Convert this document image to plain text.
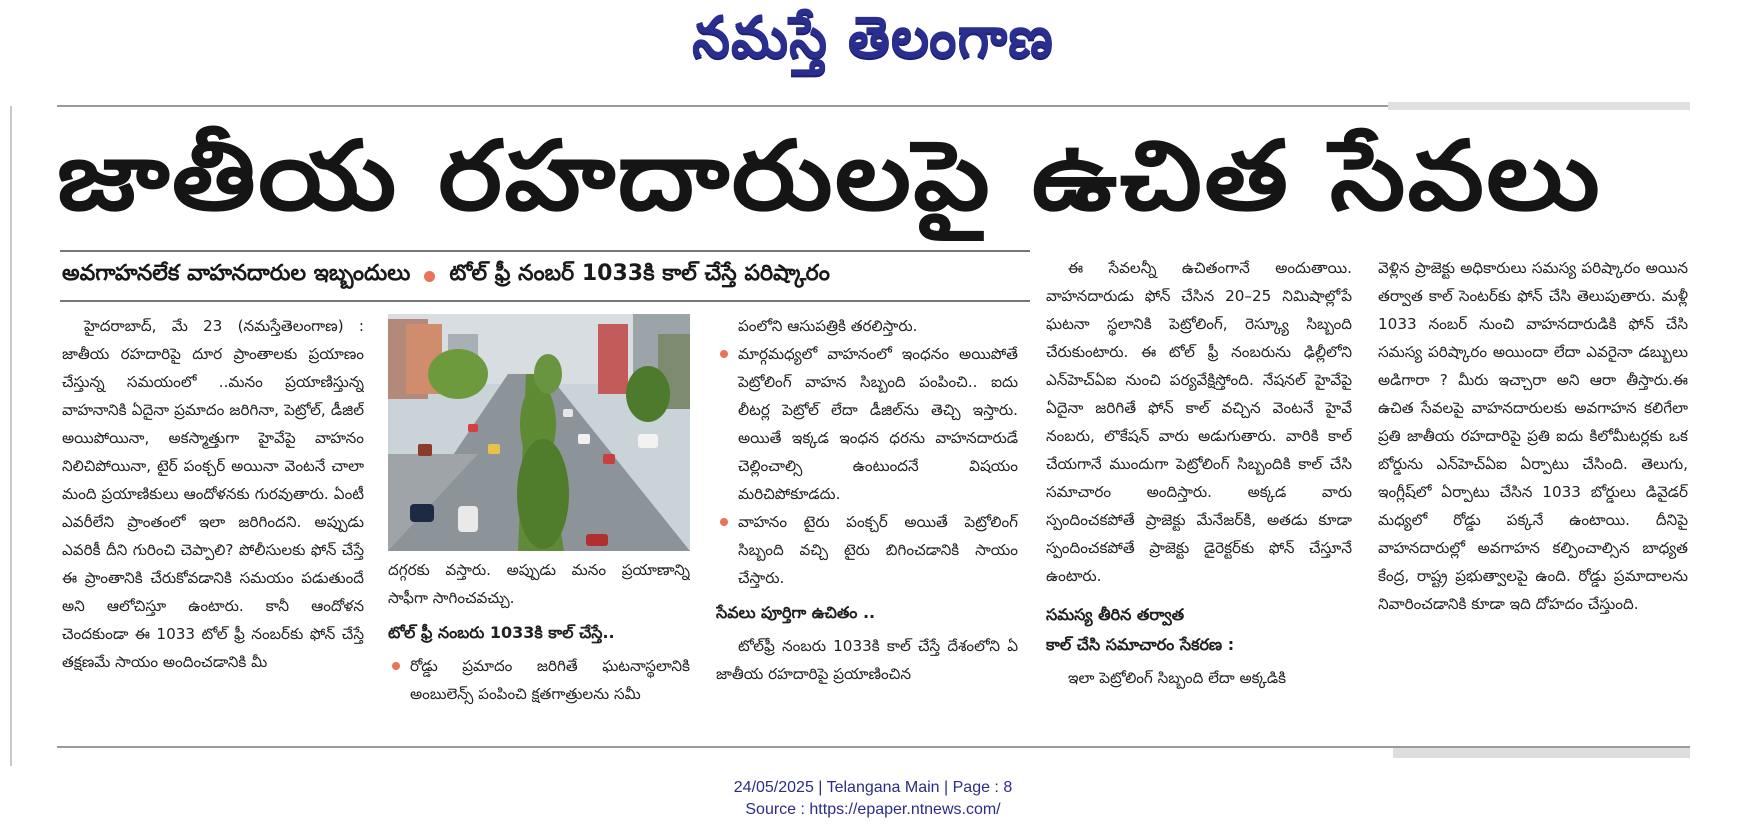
నమస్తే తెలంగాణ
జాతీయ రహదారులపై ఉచిత సేవలు
అవగాహనలేక వాహనదారుల ఇబ్బందులు టోల్ ఫ్రీ నంబర్ 1033కి కాల్ చేస్తే పరిష్కారం

హైదరాబాద్, మే 23 (నమస్తేతెలంగాణ) : జాతీయ రహదారిపై దూర ప్రాంతాలకు ప్రయాణం చేస్తున్న సమయంలో ..మనం ప్రయాణిస్తున్న వాహనానికి ఏదైనా ప్రమాదం జరిగినా, పెట్రోల్, డీజిల్ అయిపోయినా, అకస్మాత్తుగా హైవేపై వాహనం నిలిచిపోయినా, టైర్ పంక్చర్ అయినా వెంటనే చాలా మంది ప్రయాణికులు ఆందోళనకు గురవుతారు. ఏంటీ ఎవరీలేని ప్రాంతంలో ఇలా జరిగిందని. అప్పుడు ఎవరికీ దీని గురించి చెప్పాలి? పోలీసులకు ఫోన్ చేస్తే ఈ ప్రాంతానికి చేరుకోవడానికి సమయం పడుతుందే అని ఆలోచిస్తూ ఉంటారు. కానీ ఆందోళన చెందకుండా ఈ 1033 టోల్ ఫ్రీ నంబర్‌కు ఫోన్ చేస్తే తక్షణమే సాయం అందించడానికి మీ

దగ్గరకు వస్తారు. అప్పుడు మనం ప్రయాణాన్ని సాఫీగా సాగించవచ్చు.

టోల్ ఫ్రీ నంబరు 1033కి కాల్ చేస్తే..

రోడ్డు ప్రమాదం జరిగితే ఘటనాస్థలానికి అంబులెన్స్ పంపించి క్షతగాత్రులను సమీ

పంలోని ఆసుపత్రికి తరలిస్తారు.

మార్గమధ్యలో వాహనంలో ఇంధనం అయిపోతే పెట్రోలింగ్ వాహన సిబ్బంది పంపించి.. ఐదు లీటర్ల పెట్రోల్ లేదా డీజిల్‌ను తెచ్చి ఇస్తారు. అయితే ఇక్కడ ఇంధన ధరను వాహనదారుడే చెల్లించాల్సి ఉంటుందనే విషయం మరిచిపోకూడదు.

వాహనం టైరు పంక్చర్ అయితే పెట్రోలింగ్ సిబ్బంది వచ్చి టైరు బిగించడానికి సాయం చేస్తారు.

సేవలు పూర్తిగా ఉచితం ..

టోల్‌ఫ్రీ నంబరు 1033కి కాల్ చేస్తే దేశంలోని ఏ జాతీయ రహదారిపై ప్రయాణించిన

ఈ సేవలన్నీ ఉచితంగానే అందుతాయి. వాహనదారుడు ఫోన్ చేసిన 20–25 నిమిషాల్లోపే ఘటనా స్థలానికి పెట్రోలింగ్, రెస్క్యూ సిబ్బంది చేరుకుంటారు. ఈ టోల్ ఫ్రీ నంబరును ఢిల్లీలోని ఎన్‌హెచ్‌ఏఐ నుంచి పర్యవేక్షిస్తోంది. నేషనల్ హైవేపై ఏదైనా జరిగితే ఫోన్ కాల్ వచ్చిన వెంటనే హైవే నంబరు, లొకేషన్ వారు అడుగుతారు. వారికి కాల్ చేయగానే ముందుగా పెట్రోలింగ్ సిబ్బందికి కాల్ చేసి సమాచారం అందిస్తారు. అక్కడ వారు స్పందించకపోతే ప్రాజెక్టు మేనేజర్‌కి, అతడు కూడా స్పందించకపోతే ప్రాజెక్టు డైరెక్టర్‌కు ఫోన్ చేస్తూనే ఉంటారు.

సమస్య తీరిన తర్వాత

కాల్ చేసి సమాచారం సేకరణ :

ఇలా పెట్రోలింగ్ సిబ్బంది లేదా అక్కడికి

వెళ్లిన ప్రాజెక్టు అధికారులు సమస్య పరిష్కారం అయిన తర్వాత కాల్ సెంటర్‌కు ఫోన్ చేసి తెలుపుతారు. మళ్లీ 1033 నంబర్ నుంచి వాహనదారుడికి ఫోన్ చేసి సమస్య పరిష్కారం అయిందా లేదా ఎవరైనా డబ్బులు అడిగారా ? మీరు ఇచ్చారా అని ఆరా తీస్తారు.ఈ ఉచిత సేవలపై వాహనదారులకు అవగాహన కలిగేలా ప్రతి జాతీయ రహదారిపై ప్రతి ఐదు కిలోమీటర్లకు ఒక బోర్డును ఎన్‌హెచ్‌ఏఐ ఏర్పాటు చేసింది. తెలుగు, ఇంగ్లీష్‌లో ఏర్పాటు చేసిన 1033 బోర్డులు డివైడర్ మధ్యలో రోడ్డు పక్కనే ఉంటాయి. దీనిపై వాహనదారుల్లో అవగాహన కల్పించాల్సిన బాధ్యత కేంద్ర, రాష్ట్ర ప్రభుత్వాలపై ఉంది. రోడ్డు ప్రమాదాలను నివారించడానికి కూడా ఇది దోహదం చేస్తుంది.

24/05/2025 | Telangana Main | Page : 8
Source : https://epaper.ntnews.com/
